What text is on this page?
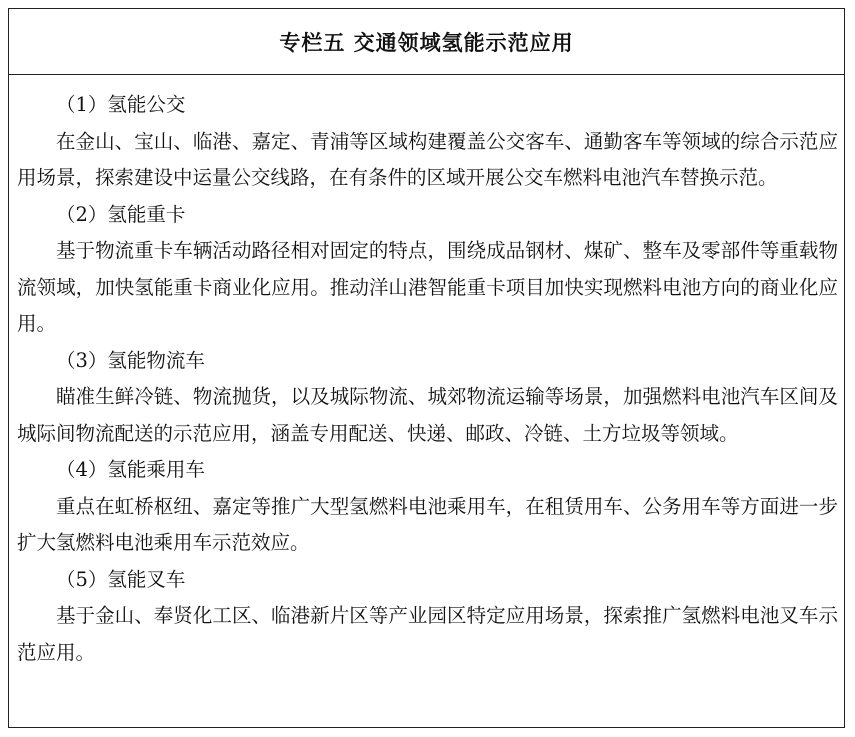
专栏五 交通领域氢能示范应用

（1）氢能公交

在金山、宝山、临港、嘉定、青浦等区域构建覆盖公交客车、通勤客车等领域的综合示范应用场景，探索建设中运量公交线路，在有条件的区域开展公交车燃料电池汽车替换示范。

（2）氢能重卡

基于物流重卡车辆活动路径相对固定的特点，围绕成品钢材、煤矿、整车及零部件等重载物流领域，加快氢能重卡商业化应用。推动洋山港智能重卡项目加快实现燃料电池方向的商业化应用。

（3）氢能物流车

瞄准生鲜冷链、物流抛货，以及城际物流、城郊物流运输等场景，加强燃料电池汽车区间及城际间物流配送的示范应用，涵盖专用配送、快递、邮政、冷链、土方垃圾等领域。

（4）氢能乘用车

重点在虹桥枢纽、嘉定等推广大型氢燃料电池乘用车，在租赁用车、公务用车等方面进一步扩大氢燃料电池乘用车示范效应。

（5）氢能叉车

基于金山、奉贤化工区、临港新片区等产业园区特定应用场景，探索推广氢燃料电池叉车示范应用。
